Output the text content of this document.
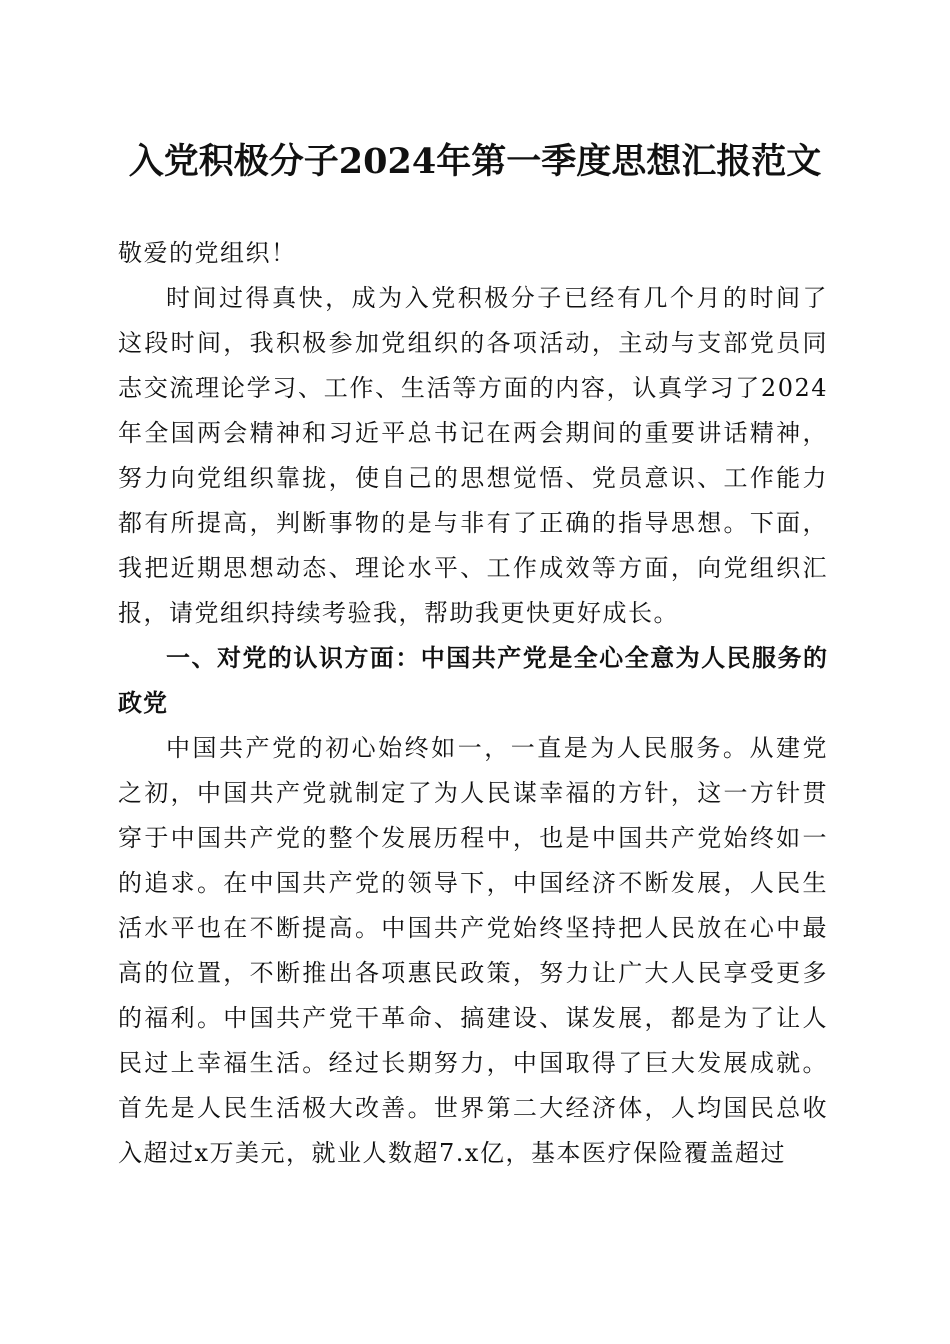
入党积极分子2024年第一季度思想汇报范文

敬爱的党组织！

时间过得真快，成为入党积极分子已经有几个月的时间了这段时间，我积极参加党组织的各项活动，主动与支部党员同志交流理论学习、工作、生活等方面的内容，认真学习了2024年全国两会精神和习近平总书记在两会期间的重要讲话精神，努力向党组织靠拢，使自己的思想觉悟、党员意识、工作能力都有所提高，判断事物的是与非有了正确的指导思想。下面，我把近期思想动态、理论水平、工作成效等方面，向党组织汇报，请党组织持续考验我，帮助我更快更好成长。

一、对党的认识方面：中国共产党是全心全意为人民服务的政党

中国共产党的初心始终如一，一直是为人民服务。从建党之初，中国共产党就制定了为人民谋幸福的方针，这一方针贯穿于中国共产党的整个发展历程中，也是中国共产党始终如一的追求。在中国共产党的领导下，中国经济不断发展，人民生活水平也在不断提高。中国共产党始终坚持把人民放在心中最高的位置，不断推出各项惠民政策，努力让广大人民享受更多的福利。中国共产党干革命、搞建设、谋发展，都是为了让人民过上幸福生活。经过长期努力，中国取得了巨大发展成就。首先是人民生活极大改善。世界第二大经济体，人均国民总收入超过x万美元，就业人数超7.x亿，基本医疗保险覆盖超过
